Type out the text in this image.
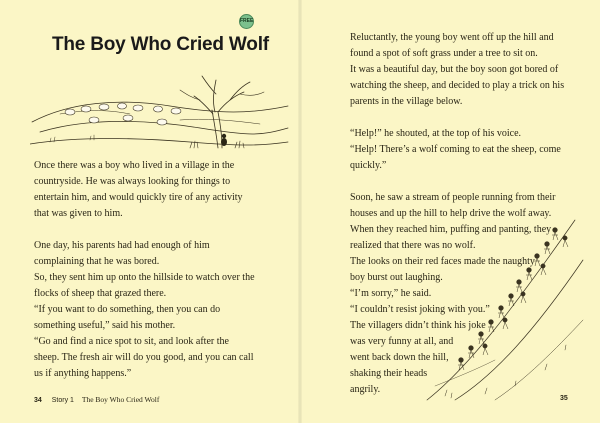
FREE
The Boy Who Cried Wolf

Once there was a boy who lived in a village in the

countryside. He was always looking for things to

entertain him, and would quickly tire of any activity

that was given to him.

One day, his parents had had enough of him

complaining that he was bored.

So, they sent him up onto the hillside to watch over the

flocks of sheep that grazed there.

“If you want to do something, then you can do

something useful,” said his mother.

“Go and find a nice spot to sit, and look after the

sheep. The fresh air will do you good, and you can call

us if anything happens.”

34 Story 1 The Boy Who Cried Wolf

Reluctantly, the young boy went off up the hill and

found a spot of soft grass under a tree to sit on.

It was a beautiful day, but the boy soon got bored of

watching the sheep, and decided to play a trick on his

parents in the village below.

“Help!” he shouted, at the top of his voice.

“Help! There’s a wolf coming to eat the sheep, come

quickly.”

Soon, he saw a stream of people running from their

houses and up the hill to help drive the wolf away.

When they reached him, puffing and panting, they

realized that there was no wolf.

The looks on their red faces made the naughty

boy burst out laughing.

“I’m sorry,” he said.

“I couldn’t resist joking with you.”

The villagers didn’t think his joke

was very funny at all, and

went back down the hill,

shaking their heads

angrily.

35
